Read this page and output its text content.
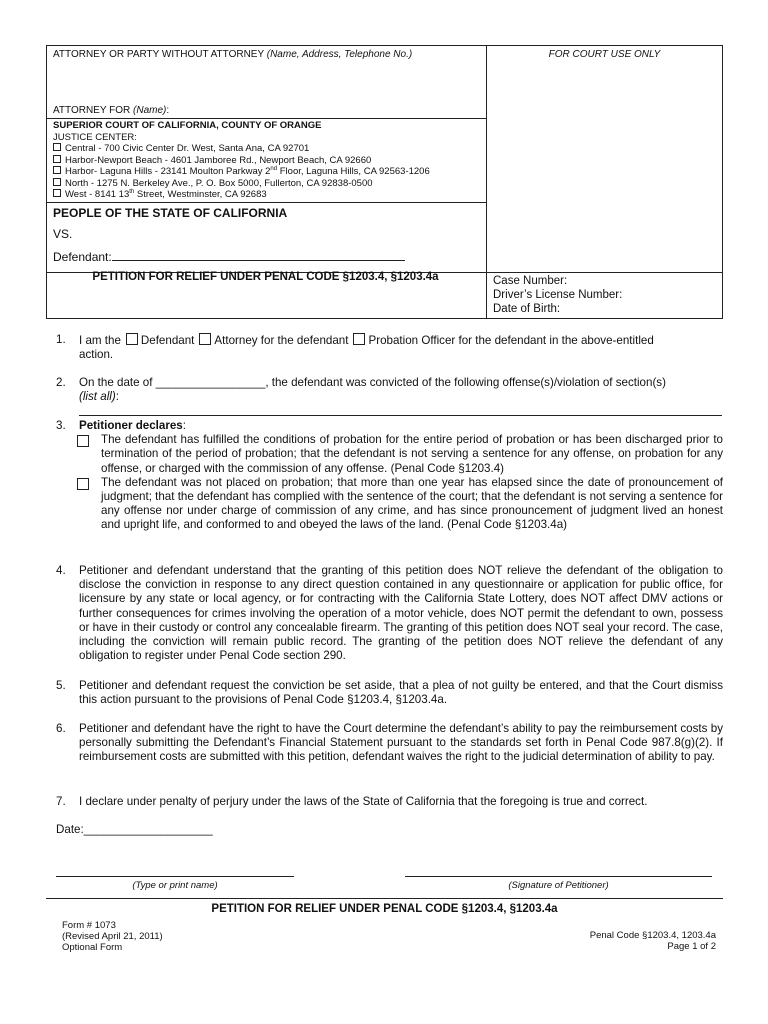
ATTORNEY OR PARTY WITHOUT ATTORNEY (Name, Address, Telephone No.)	FOR COURT USE ONLY
ATTORNEY FOR (Name):
SUPERIOR COURT OF CALIFORNIA, COUNTY OF ORANGE
JUSTICE CENTER:
Central - 700 Civic Center Dr. West, Santa Ana, CA 92701
Harbor-Newport Beach - 4601 Jamboree Rd., Newport Beach, CA 92660
Harbor- Laguna Hills - 23141 Moulton Parkway 2nd Floor, Laguna Hills, CA 92563-1206
North - 1275 N. Berkeley Ave., P. O. Box 5000, Fullerton, CA 92838-0500
West - 8141 13th Street, Westminster, CA 92683
PEOPLE OF THE STATE OF CALIFORNIA
VS.
Defendant:
PETITION FOR RELIEF UNDER PENAL CODE §1203.4, §1203.4a	Case Number:
Driver’s License Number:
Date of Birth:
1. I am the Defendant Attorney for the defendant Probation Officer for the defendant in the above-entitled
action.
2. On the date of _________________, the defendant was convicted of the following offense(s)/violation of section(s)
(list all):
3. Petitioner declares:
The defendant has fulfilled the conditions of probation for the entire period of probation or has been discharged prior to termination of the period of probation; that the defendant is not serving a sentence for any offense, on probation for any offense, or charged with the commission of any offense. (Penal Code §1203.4)
The defendant was not placed on probation; that more than one year has elapsed since the date of pronouncement of judgment; that the defendant has complied with the sentence of the court; that the defendant is not serving a sentence for any offense nor under charge of commission of any crime, and has since pronouncement of judgment lived an honest and upright life, and conformed to and obeyed the laws of the land. (Penal Code §1203.4a)
4. Petitioner and defendant understand that the granting of this petition does NOT relieve the defendant of the obligation to disclose the conviction in response to any direct question contained in any questionnaire or application for public office, for licensure by any state or local agency, or for contracting with the California State Lottery, does NOT affect DMV actions or further consequences for crimes involving the operation of a motor vehicle, does NOT permit the defendant to own, possess or have in their custody or control any concealable firearm. The granting of this petition does NOT seal your record. The case, including the conviction will remain public record. The granting of the petition does NOT relieve the defendant of any obligation to register under Penal Code section 290.
5. Petitioner and defendant request the conviction be set aside, that a plea of not guilty be entered, and that the Court dismiss this action pursuant to the provisions of Penal Code §1203.4, §1203.4a.
6. Petitioner and defendant have the right to have the Court determine the defendant’s ability to pay the reimbursement costs by personally submitting the Defendant’s Financial Statement pursuant to the standards set forth in Penal Code 987.8(g)(2). If reimbursement costs are submitted with this petition, defendant waives the right to the judicial determination of ability to pay.
7. I declare under penalty of perjury under the laws of the State of California that the foregoing is true and correct.
Date:____________________
(Type or print name)	(Signature of Petitioner)
PETITION FOR RELIEF UNDER PENAL CODE §1203.4, §1203.4a
Form # 1073
(Revised April 21, 2011)
Optional Form
Penal Code §1203.4, 1203.4a
Page 1 of 2
